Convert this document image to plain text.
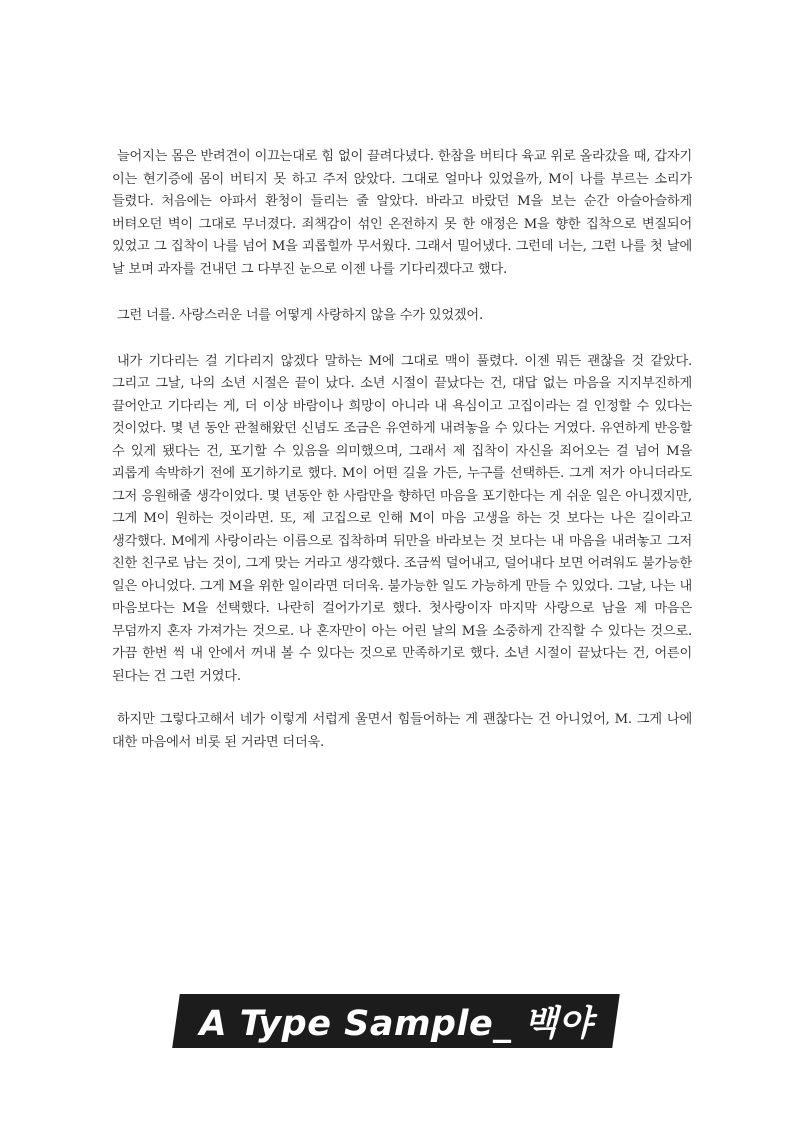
늘어지는 몸은 반려견이 이끄는대로 힘 없이 끌려다녔다. 한참을 버티다 육교 위로 올라갔을 때, 갑자기 이는 현기증에 몸이 버티지 못 하고 주저 앉았다. 그대로 얼마나 있었을까, M이 나를 부르는 소리가 들렸다. 처음에는 아파서 환청이 들리는 줄 알았다. 바라고 바랐던 M을 보는 순간 아슬아슬하게 버텨오던 벽이 그대로 무너졌다. 죄책감이 섞인 온전하지 못 한 애정은 M을 향한 집착으로 변질되어 있었고 그 집착이 나를 넘어 M을 괴롭힐까 무서웠다. 그래서 밀어냈다. 그런데 너는, 그런 나를 첫 날에 날 보며 과자를 건내던 그 다부진 눈으로 이젠 나를 기다리겠다고 했다.

그런 너를. 사랑스러운 너를 어떻게 사랑하지 않을 수가 있었겠어.

내가 기다리는 걸 기다리지 않겠다 말하는 M에 그대로 맥이 풀렸다. 이젠 뭐든 괜찮을 것 같았다. 그리고 그날, 나의 소년 시절은 끝이 났다. 소년 시절이 끝났다는 건, 대답 없는 마음을 지지부진하게 끌어안고 기다리는 게, 더 이상 바람이나 희망이 아니라 내 욕심이고 고집이라는 걸 인정할 수 있다는 것이었다. 몇 년 동안 관철해왔던 신념도 조금은 유연하게 내려놓을 수 있다는 거였다. 유연하게 반응할 수 있게 됐다는 건, 포기할 수 있음을 의미했으며, 그래서 제 집착이 자신을 죄어오는 걸 넘어 M을 괴롭게 속박하기 전에 포기하기로 했다. M이 어떤 길을 가든, 누구를 선택하든. 그게 저가 아니더라도 그저 응원해줄 생각이었다. 몇 년동안 한 사람만을 향하던 마음을 포기한다는 게 쉬운 일은 아니겠지만, 그게 M이 원하는 것이라면. 또, 제 고집으로 인해 M이 마음 고생을 하는 것 보다는 나은 길이라고 생각했다. M에게 사랑이라는 이름으로 집착하며 뒤만을 바라보는 것 보다는 내 마음을 내려놓고 그저 친한 친구로 남는 것이, 그게 맞는 거라고 생각했다. 조금씩 덜어내고, 덜어내다 보면 어려워도 불가능한 일은 아니었다. 그게 M을 위한 일이라면 더더욱. 불가능한 일도 가능하게 만들 수 있었다. 그날, 나는 내 마음보다는 M을 선택했다. 나란히 걸어가기로 했다. 첫사랑이자 마지막 사랑으로 남을 제 마음은 무덤까지 혼자 가져가는 것으로. 나 혼자만이 아는 어린 날의 M을 소중하게 간직할 수 있다는 것으로. 가끔 한번 씩 내 안에서 꺼내 볼 수 있다는 것으로 만족하기로 했다. 소년 시절이 끝났다는 건, 어른이 된다는 건 그런 거였다.

하지만 그렇다고해서 네가 이렇게 서럽게 울면서 힘들어하는 게 괜찮다는 건 아니었어, M. 그게 나에 대한 마음에서 비롯 된 거라면 더더욱.

A Type Sample_ 백야
